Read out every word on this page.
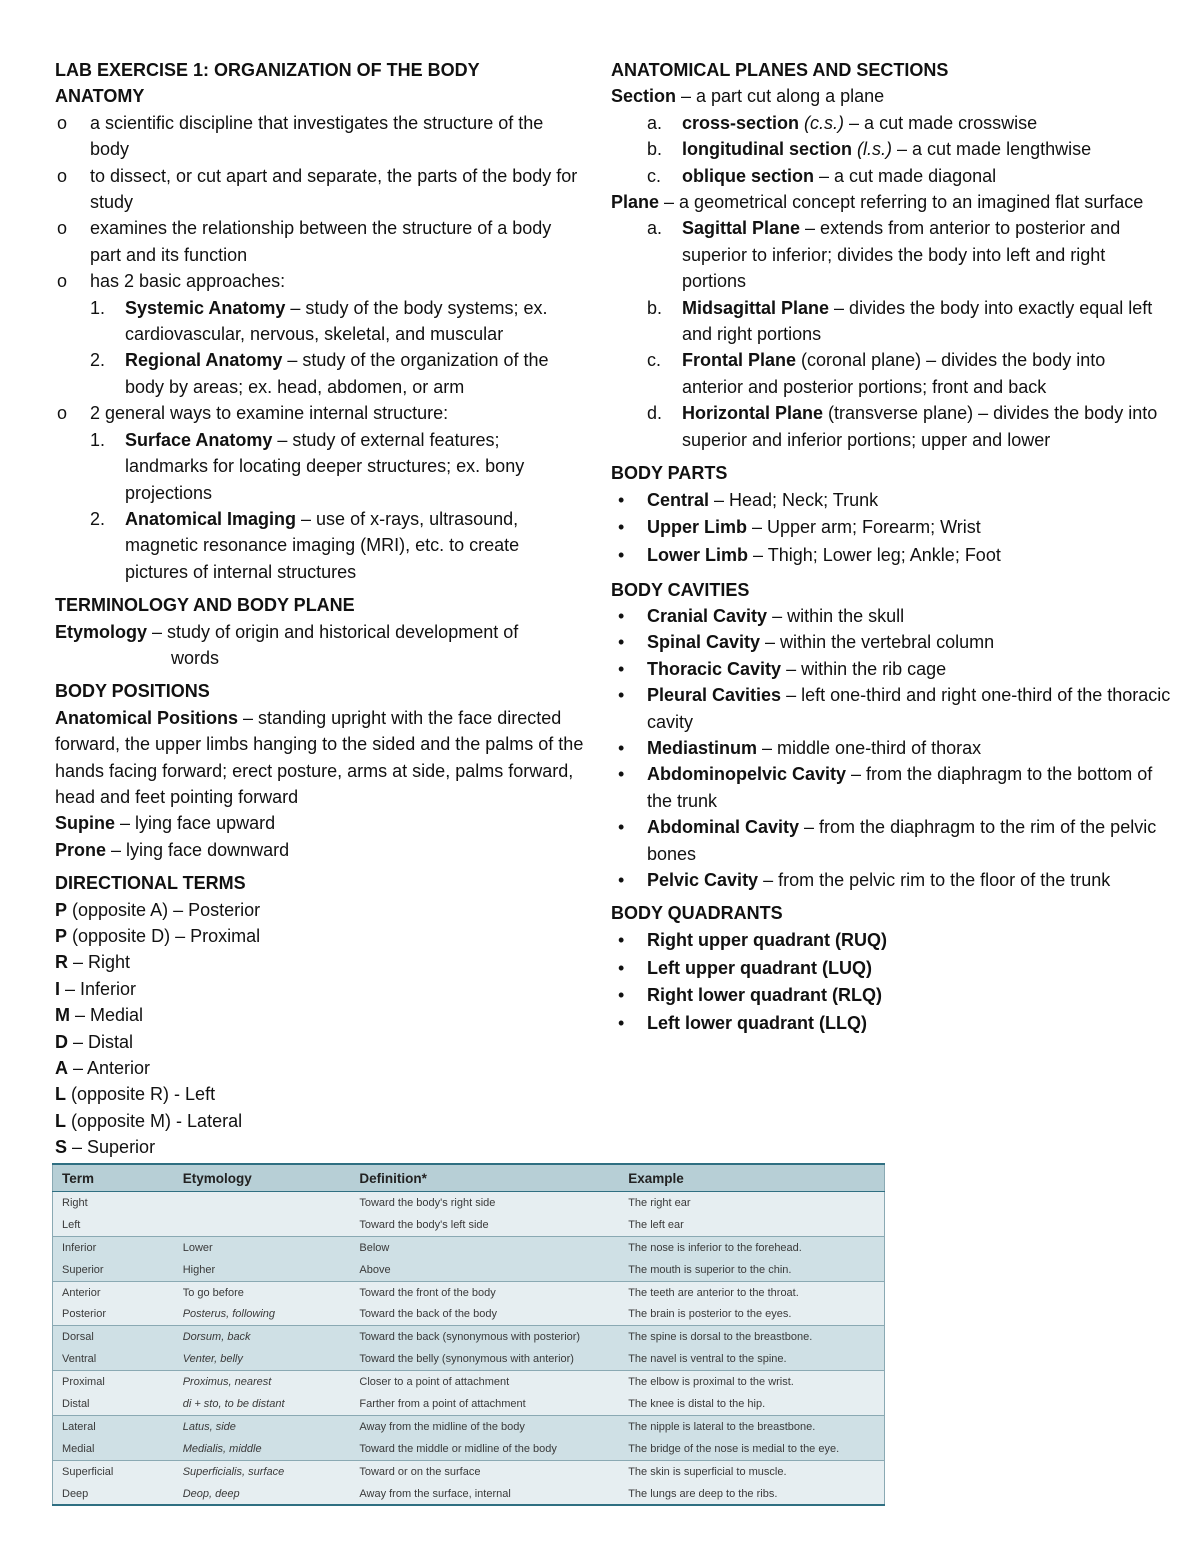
LAB EXERCISE 1: ORGANIZATION OF THE BODY

ANATOMY

o a scientific discipline that investigates the structure of the body
o to dissect, or cut apart and separate, the parts of the body for study
o examines the relationship between the structure of a body part and its function
o has 2 basic approaches:
1. Systemic Anatomy – study of the body systems; ex. cardiovascular, nervous, skeletal, and muscular
2. Regional Anatomy – study of the organization of the body by areas; ex. head, abdomen, or arm
o 2 general ways to examine internal structure:
1. Surface Anatomy – study of external features; landmarks for locating deeper structures; ex. bony projections
2. Anatomical Imaging – use of x-rays, ultrasound, magnetic resonance imaging (MRI), etc. to create pictures of internal structures

TERMINOLOGY AND BODY PLANE

Etymology – study of origin and historical development of

words

BODY POSITIONS

Anatomical Positions – standing upright with the face directed forward, the upper limbs hanging to the sided and the palms of the hands facing forward; erect posture, arms at side, palms forward, head and feet pointing forward

Supine – lying face upward

Prone – lying face downward

DIRECTIONAL TERMS

P (opposite A) – Posterior

P (opposite D) – Proximal

R – Right

I – Inferior

M – Medial

D – Distal

A – Anterior

L (opposite R) - Left

L (opposite M) - Lateral

S – Superior

ANATOMICAL PLANES AND SECTIONS

Section – a part cut along a plane

a. cross-section (c.s.) – a cut made crosswise
b. longitudinal section (l.s.) – a cut made lengthwise
c. oblique section – a cut made diagonal

Plane – a geometrical concept referring to an imagined flat surface

a. Sagittal Plane – extends from anterior to posterior and superior to inferior; divides the body into left and right portions
b. Midsagittal Plane – divides the body into exactly equal left and right portions
c. Frontal Plane (coronal plane) – divides the body into anterior and posterior portions; front and back
d. Horizontal Plane (transverse plane) – divides the body into superior and inferior portions; upper and lower

BODY PARTS

• Central – Head; Neck; Trunk
• Upper Limb – Upper arm; Forearm; Wrist
• Lower Limb – Thigh; Lower leg; Ankle; Foot

BODY CAVITIES

• Cranial Cavity – within the skull
• Spinal Cavity – within the vertebral column
• Thoracic Cavity – within the rib cage
• Pleural Cavities – left one-third and right one-third of the thoracic cavity
• Mediastinum – middle one-third of thorax
• Abdominopelvic Cavity – from the diaphragm to the bottom of the trunk
• Abdominal Cavity – from the diaphragm to the rim of the pelvic bones
• Pelvic Cavity – from the pelvic rim to the floor of the trunk

BODY QUADRANTS

• Right upper quadrant (RUQ)
• Left upper quadrant (LUQ)
• Right lower quadrant (RLQ)
• Left lower quadrant (LLQ)
Term	Etymology	Definition*	Example
Right		Toward the body's right side	The right ear
Left		Toward the body's left side	The left ear
Inferior	Lower	Below	The nose is inferior to the forehead.
Superior	Higher	Above	The mouth is superior to the chin.
Anterior	To go before	Toward the front of the body	The teeth are anterior to the throat.
Posterior	Posterus, following	Toward the back of the body	The brain is posterior to the eyes.
Dorsal	Dorsum, back	Toward the back (synonymous with posterior)	The spine is dorsal to the breastbone.
Ventral	Venter, belly	Toward the belly (synonymous with anterior)	The navel is ventral to the spine.
Proximal	Proximus, nearest	Closer to a point of attachment	The elbow is proximal to the wrist.
Distal	di + sto, to be distant	Farther from a point of attachment	The knee is distal to the hip.
Lateral	Latus, side	Away from the midline of the body	The nipple is lateral to the breastbone.
Medial	Medialis, middle	Toward the middle or midline of the body	The bridge of the nose is medial to the eye.
Superficial	Superficialis, surface	Toward or on the surface	The skin is superficial to muscle.
Deep	Deop, deep	Away from the surface, internal	The lungs are deep to the ribs.
